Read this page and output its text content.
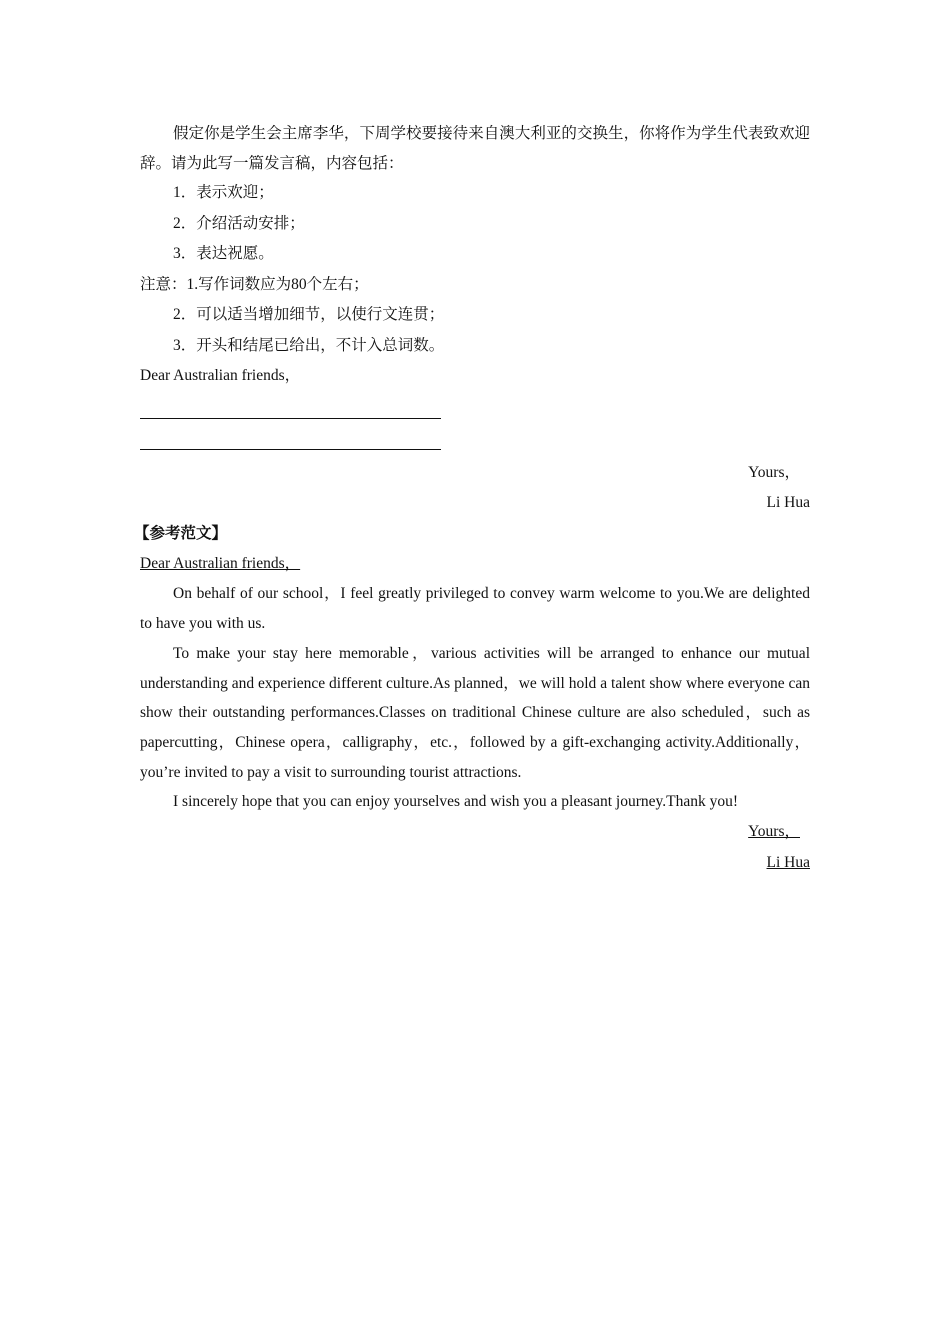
假定你是学生会主席李华，下周学校要接待来自澳大利亚的交换生，你将作为学生代表致欢迎辞。请为此写一篇发言稿，内容包括：

1．表示欢迎；
2．介绍活动安排；
3．表达祝愿。
注意：1.写作词数应为80个左右；
2．可以适当增加细节，以使行文连贯；
3．开头和结尾已给出，不计入总词数。
Dear Australian friends，
Yours，
Li Hua
【参考范文】
Dear Australian friends，

On behalf of our school，I feel greatly privileged to convey warm welcome to you.We are delighted to have you with us.

To make your stay here memorable，various activities will be arranged to enhance our mutual understanding and experience different culture.As planned，we will hold a talent show where everyone can show their outstanding performances.Classes on traditional Chinese culture are also scheduled，such as papercutting，Chinese opera，calligraphy，etc.，followed by a gift-exchanging activity.Additionally，you’re invited to pay a visit to surrounding tourist attractions.

I sincerely hope that you can enjoy yourselves and wish you a pleasant journey.Thank you!

Yours，
Li Hua
